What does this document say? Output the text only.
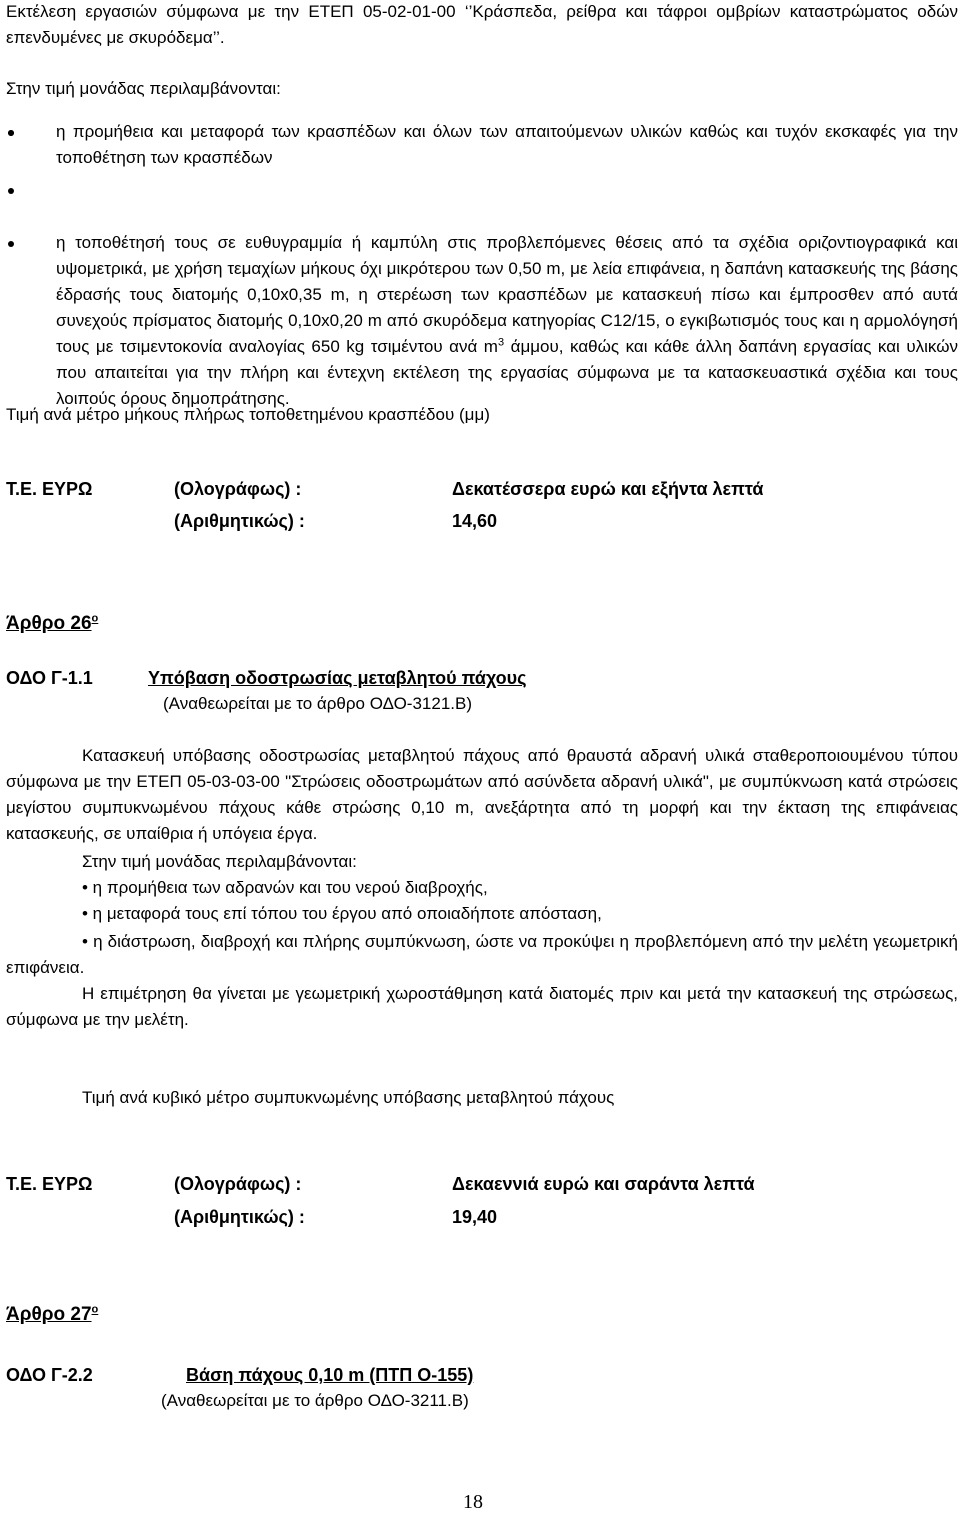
Εκτέλεση εργασιών σύμφωνα με την ΕΤΕΠ 05-02-01-00 ‘’Κράσπεδα, ρείθρα και τάφροι ομβρίων καταστρώματος οδών επενδυμένες με σκυρόδεμα’’.

Στην τιμή μονάδας περιλαμβάνονται:

η προμήθεια και μεταφορά των κρασπέδων και όλων των απαιτούμενων υλικών καθώς και τυχόν εκσκαφές για την τοποθέτηση των κρασπέδων
η τοποθέτησή τους σε ευθυγραμμία ή καμπύλη στις προβλεπόμενες θέσεις από τα σχέδια οριζοντιογραφικά και υψομετρικά, με χρήση τεμαχίων μήκους όχι μικρότερου των 0,50 m, με λεία επιφάνεια, η δαπάνη κατασκευής της βάσης έδρασής τους διατομής 0,10x0,35 m, η στερέωση των κρασπέδων με κατασκευή πίσω και έμπροσθεν από αυτά συνεχούς πρίσματος διατομής 0,10x0,20 m από σκυρόδεμα κατηγορίας C12/15, ο εγκιβωτισμός τους και η αρμολόγησή τους με τσιμεντοκονία αναλογίας 650 kg τσιμέντου ανά $m^3$ άμμου, καθώς και κάθε άλλη δαπάνη εργασίας και υλικών που απαιτείται για την πλήρη και έντεχνη εκτέλεση της εργασίας σύμφωνα με τα κατασκευαστικά σχέδια και τους λοιπούς όρους δημοπράτησης.

Τιμή ανά μέτρο μήκους πλήρως τοποθετημένου κρασπέδου (μμ)

Τ.Ε. ΕΥΡΩ	(Ολογράφως) :	Δεκατέσσερα ευρώ και εξήντα λεπτά
(Αριθμητικώς) :	14,60
Άρθρο $26^o$
ΟΔΟ Γ-1.1	Υπόβαση οδοστρωσίας μεταβλητού πάχους
(Αναθεωρείται με το άρθρο ΟΔΟ-3121.Β)

Κατασκευή υπόβασης οδοστρωσίας μεταβλητού πάχους από θραυστά αδρανή υλικά σταθεροποιουμένου τύπου σύμφωνα με την ΕΤΕΠ 05-03-03-00 "Στρώσεις οδοστρωμάτων από ασύνδετα αδρανή υλικά", με συμπύκνωση κατά στρώσεις μεγίστου συμπυκνωμένου πάχους κάθε στρώσης 0,10 m, ανεξάρτητα από τη μορφή και την έκταση της επιφάνειας κατασκευής, σε υπαίθρια ή υπόγεια έργα.

Στην τιμή μονάδας περιλαμβάνονται:

• η προμήθεια των αδρανών και του νερού διαβροχής,

• η μεταφορά τους επί τόπου του έργου από οποιαδήποτε απόσταση,

• η διάστρωση, διαβροχή και πλήρης συμπύκνωση, ώστε να προκύψει η προβλεπόμενη από την μελέτη γεωμετρική επιφάνεια.

Η επιμέτρηση θα γίνεται με γεωμετρική χωροστάθμηση κατά διατομές πριν και μετά την κατασκευή της στρώσεως, σύμφωνα με την μελέτη.

Τιμή ανά κυβικό μέτρο συμπυκνωμένης υπόβασης μεταβλητού πάχους

Τ.Ε. ΕΥΡΩ	(Ολογράφως) :	Δεκαεννιά ευρώ και σαράντα λεπτά
(Αριθμητικώς) :	19,40
Άρθρο $27^o$
ΟΔΟ Γ-2.2	Βάση πάχους 0,10 m (ΠΤΠ Ο-155)
(Αναθεωρείται με το άρθρο ΟΔΟ-3211.Β)
18
